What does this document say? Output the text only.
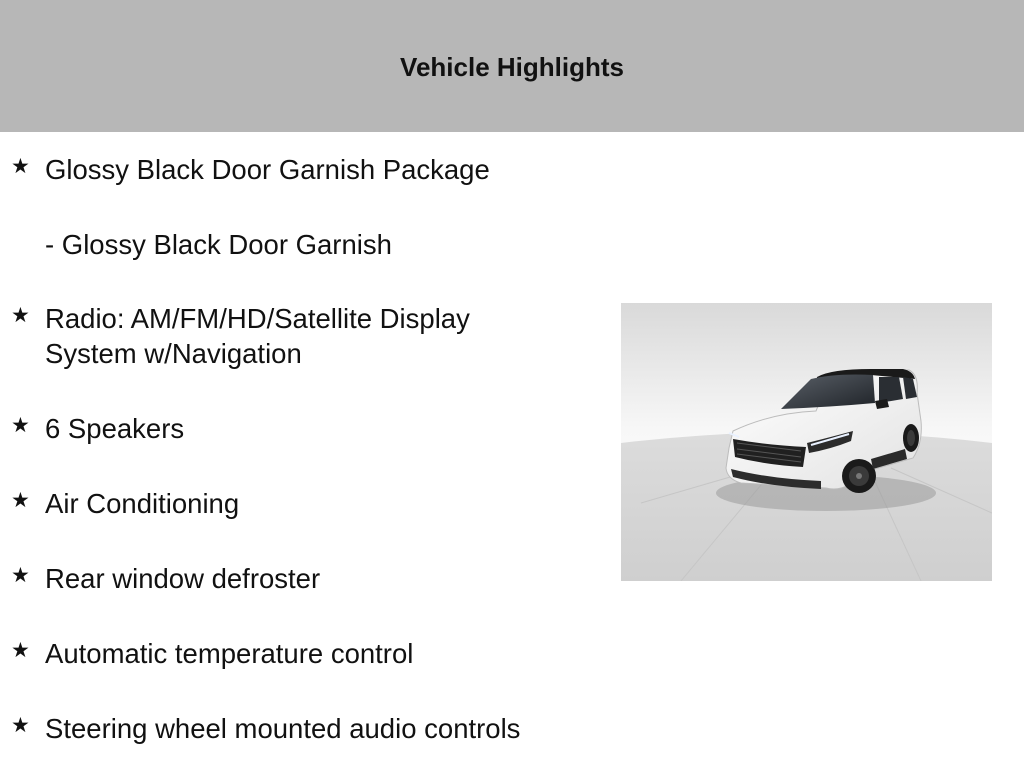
Vehicle Highlights
★ Glossy Black Door Garnish Package
- Glossy Black Door Garnish
★ Radio: AM/FM/HD/Satellite Display
System w/Navigation
★ 6 Speakers
★ Air Conditioning
★ Rear window defroster
★ Automatic temperature control
★ Steering wheel mounted audio controls
